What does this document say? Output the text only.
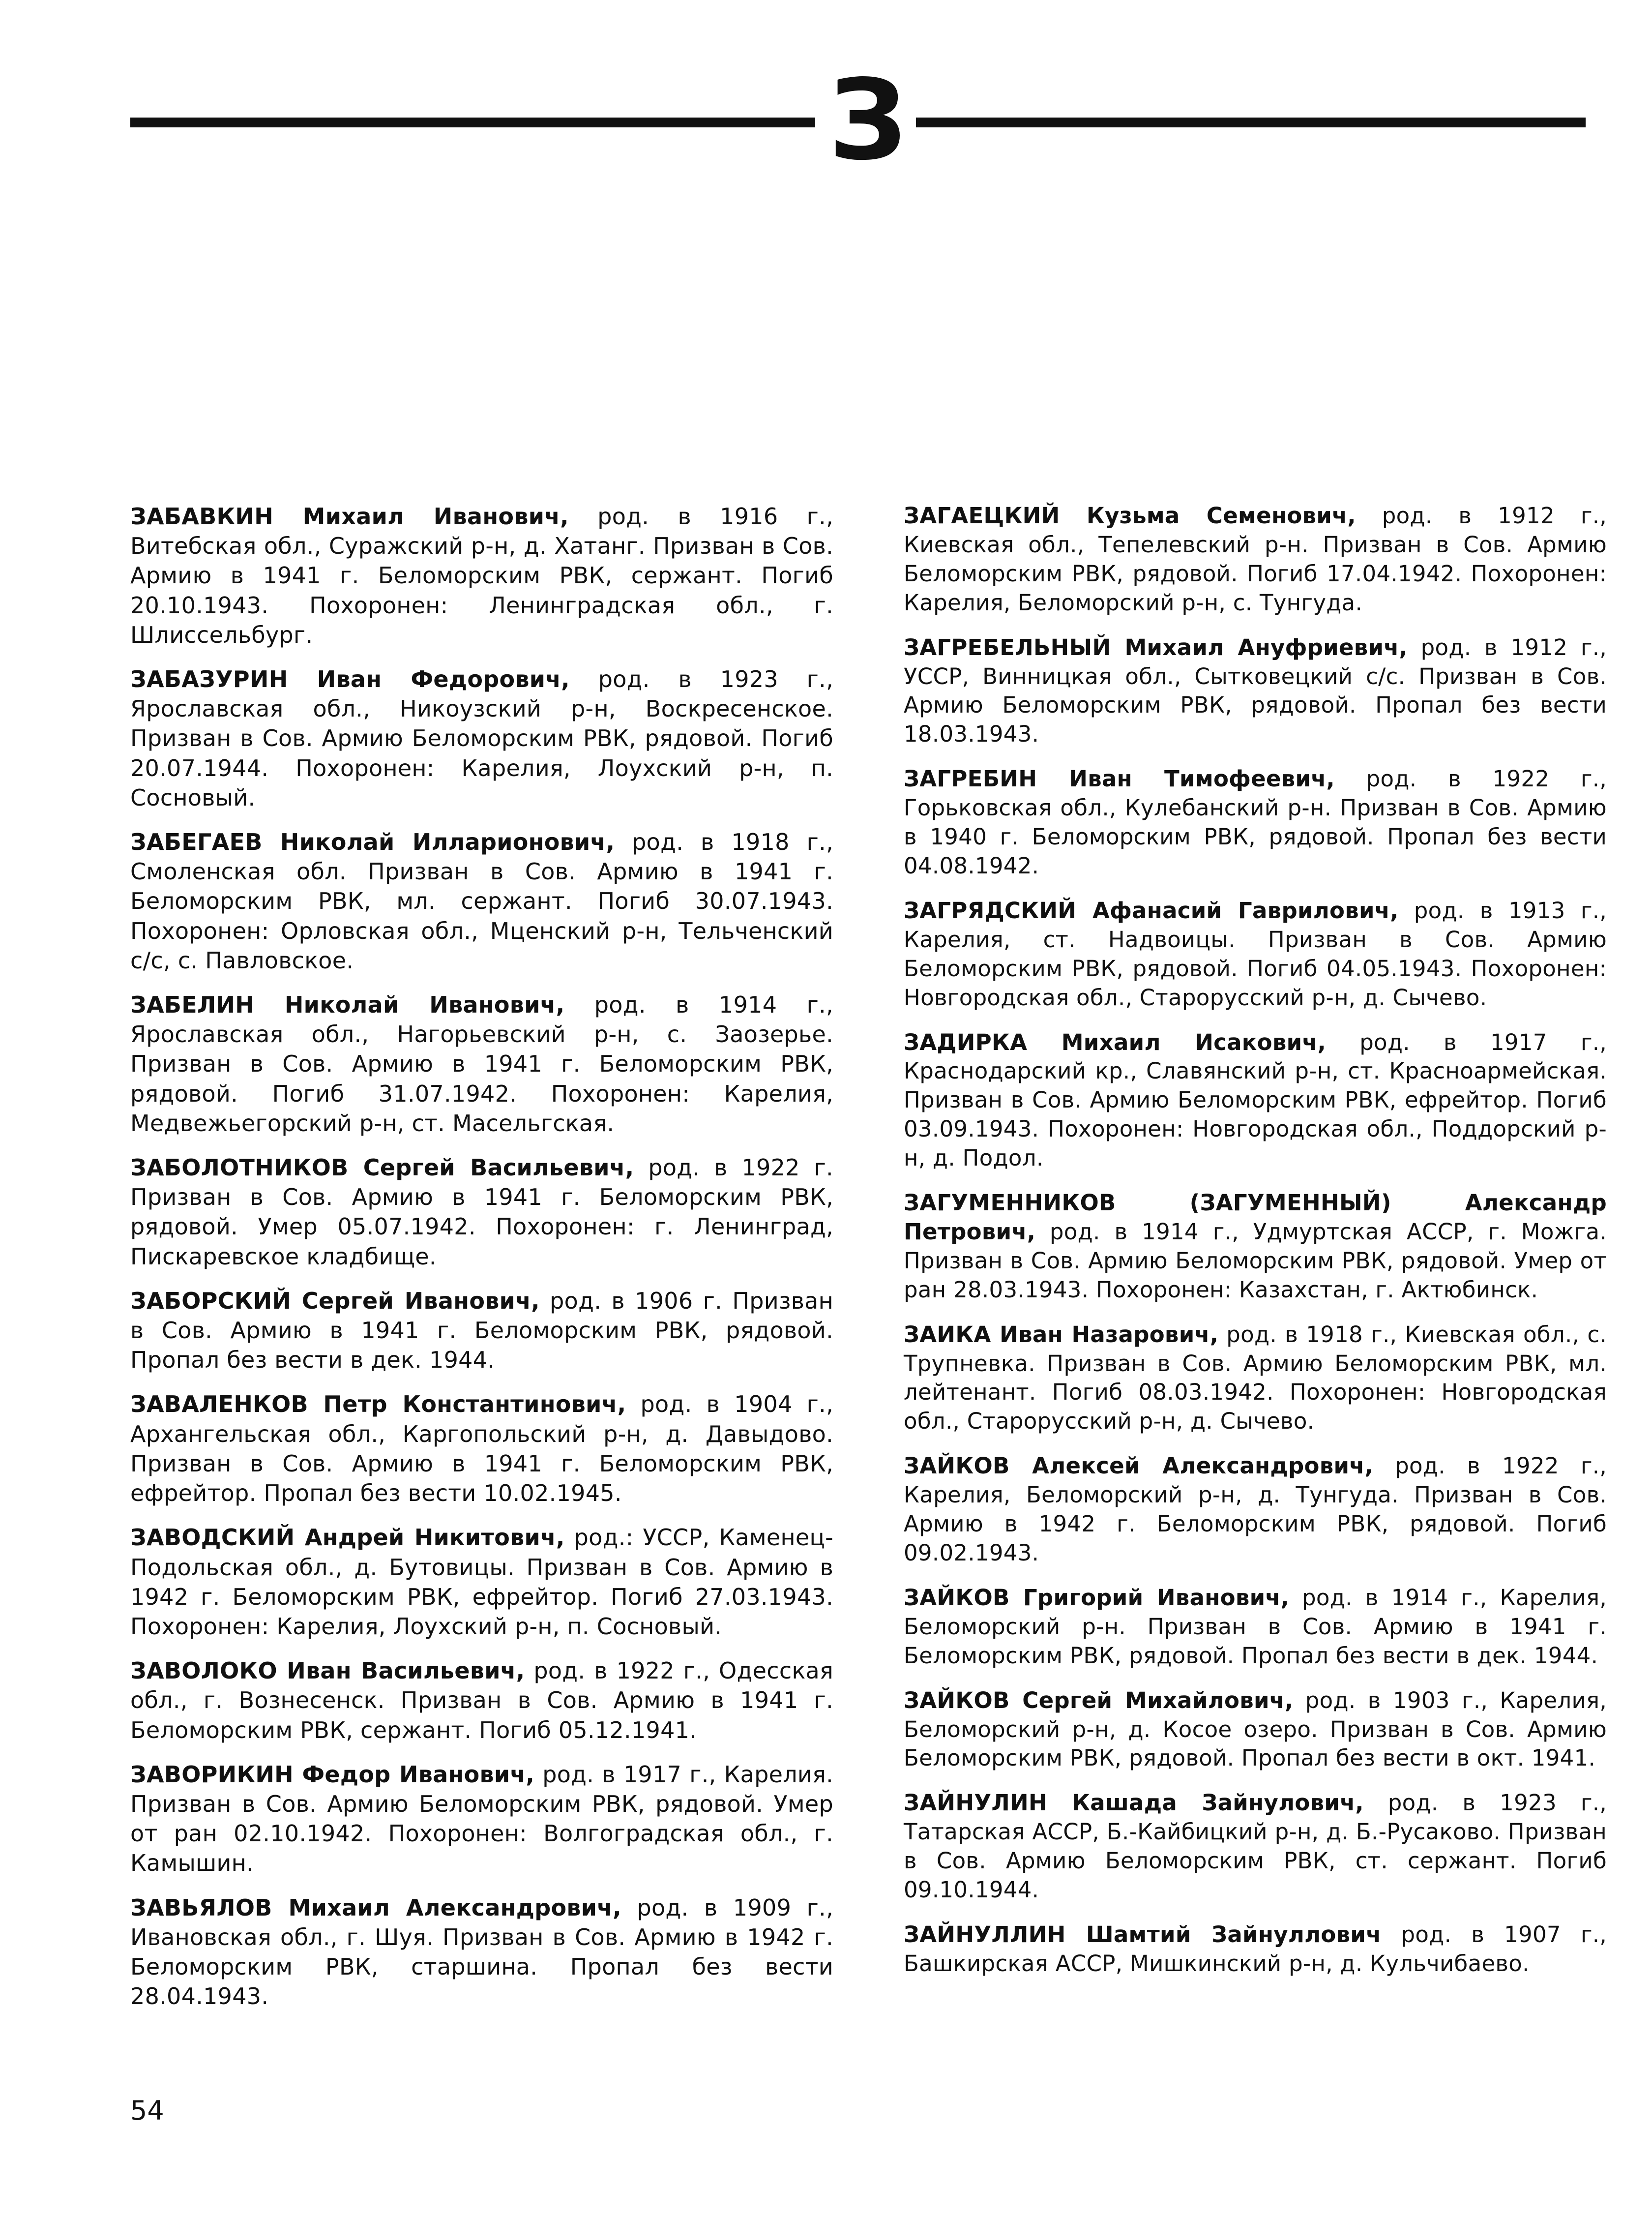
З

ЗАБАВКИН Михаил Иванович, род. в 1916 г., Витебская обл., Суражский р-н, д. Хатанг. Призван в Сов. Армию в 1941 г. Беломорским РВК, сержант. Погиб 20.10.1943. Похоронен: Ленинградская обл., г. Шлиссельбург.

ЗАБАЗУРИН Иван Федорович, род. в 1923 г., Ярославская обл., Никоузский р-н, Воскресенское. Призван в Сов. Армию Беломорским РВК, рядовой. Погиб 20.07.1944. Похоронен: Карелия, Лоухский р-н, п. Сосновый.

ЗАБЕГАЕВ Николай Илларионович, род. в 1918 г., Смоленская обл. Призван в Сов. Армию в 1941 г. Беломорским РВК, мл. сержант. Погиб 30.07.1943. Похоронен: Орловская обл., Мценский р-н, Тельченский с/с, с. Павловское.

ЗАБЕЛИН Николай Иванович, род. в 1914 г., Ярославская обл., Нагорьевский р-н, с. Заозерье. Призван в Сов. Армию в 1941 г. Беломорским РВК, рядовой. Погиб 31.07.1942. Похоронен: Карелия, Медвежьегорский р-н, ст. Масельгская.

ЗАБОЛОТНИКОВ Сергей Васильевич, род. в 1922 г. Призван в Сов. Армию в 1941 г. Беломорским РВК, рядовой. Умер 05.07.1942. Похоронен: г. Ленинград, Пискаревское кладбище.

ЗАБОРСКИЙ Сергей Иванович, род. в 1906 г. Призван в Сов. Армию в 1941 г. Беломорским РВК, рядовой. Пропал без вести в дек. 1944.

ЗАВАЛЕНКОВ Петр Константинович, род. в 1904 г., Архангельская обл., Каргопольский р-н, д. Давыдово. Призван в Сов. Армию в 1941 г. Беломорским РВК, ефрейтор. Пропал без вести 10.02.1945.

ЗАВОДСКИЙ Андрей Никитович, род.: УССР, Каменец-Подольская обл., д. Бутовицы. Призван в Сов. Армию в 1942 г. Беломорским РВК, ефрейтор. Погиб 27.03.1943. Похоронен: Карелия, Лоухский р-н, п. Сосновый.

ЗАВОЛОКО Иван Васильевич, род. в 1922 г., Одесская обл., г. Вознесенск. Призван в Сов. Армию в 1941 г. Беломорским РВК, сержант. Погиб 05.12.1941.

ЗАВОРИКИН Федор Иванович, род. в 1917 г., Карелия. Призван в Сов. Армию Беломорским РВК, рядовой. Умер от ран 02.10.1942. Похоронен: Волгоградская обл., г. Камышин.

ЗАВЬЯЛОВ Михаил Александрович, род. в 1909 г., Ивановская обл., г. Шуя. Призван в Сов. Армию в 1942 г. Беломорским РВК, старшина. Пропал без вести 28.04.1943.

ЗАГАЕЦКИЙ Кузьма Семенович, род. в 1912 г., Киевская обл., Тепелевский р-н. Призван в Сов. Армию Беломорским РВК, рядовой. Погиб 17.04.1942. Похоронен: Карелия, Беломорский р-н, с. Тунгуда.

ЗАГРЕБЕЛЬНЫЙ Михаил Ануфриевич, род. в 1912 г., УССР, Винницкая обл., Сытковецкий с/с. Призван в Сов. Армию Беломорским РВК, рядовой. Пропал без вести 18.03.1943.

ЗАГРЕБИН Иван Тимофеевич, род. в 1922 г., Горьковская обл., Кулебанский р-н. Призван в Сов. Армию в 1940 г. Беломорским РВК, рядовой. Пропал без вести 04.08.1942.

ЗАГРЯДСКИЙ Афанасий Гаврилович, род. в 1913 г., Карелия, ст. Надвоицы. Призван в Сов. Армию Беломорским РВК, рядовой. Погиб 04.05.1943. Похоронен: Новгородская обл., Старорусский р-н, д. Сычево.

ЗАДИРКА Михаил Исакович, род. в 1917 г., Краснодарский кр., Славянский р-н, ст. Красноармейская. Призван в Сов. Армию Беломорским РВК, ефрейтор. Погиб 03.09.1943. Похоронен: Новгородская обл., Поддорский р-н, д. Подол.

ЗАГУМЕННИКОВ (ЗАГУМЕННЫЙ) Александр Петрович, род. в 1914 г., Удмуртская АССР, г. Можга. Призван в Сов. Армию Беломорским РВК, рядовой. Умер от ран 28.03.1943. Похоронен: Казахстан, г. Актюбинск.

ЗАИКА Иван Назарович, род. в 1918 г., Киевская обл., с. Трупневка. Призван в Сов. Армию Беломорским РВК, мл. лейтенант. Погиб 08.03.1942. Похоронен: Новгородская обл., Старорусский р-н, д. Сычево.

ЗАЙКОВ Алексей Александрович, род. в 1922 г., Карелия, Беломорский р-н, д. Тунгуда. Призван в Сов. Армию в 1942 г. Беломорским РВК, рядовой. Погиб 09.02.1943.

ЗАЙКОВ Григорий Иванович, род. в 1914 г., Карелия, Беломорский р-н. Призван в Сов. Армию в 1941 г. Беломорским РВК, рядовой. Пропал без вести в дек. 1944.

ЗАЙКОВ Сергей Михайлович, род. в 1903 г., Карелия, Беломорский р-н, д. Косое озеро. Призван в Сов. Армию Беломорским РВК, рядовой. Пропал без вести в окт. 1941.

ЗАЙНУЛИН Кашада Зайнулович, род. в 1923 г., Татарская АССР, Б.-Кайбицкий р-н, д. Б.-Русаково. Призван в Сов. Армию Беломорским РВК, ст. сержант. Погиб 09.10.1944.

ЗАЙНУЛЛИН Шамтий Зайнуллович род. в 1907 г., Башкирская АССР, Мишкинский р-н, д. Кульчибаево.

54
